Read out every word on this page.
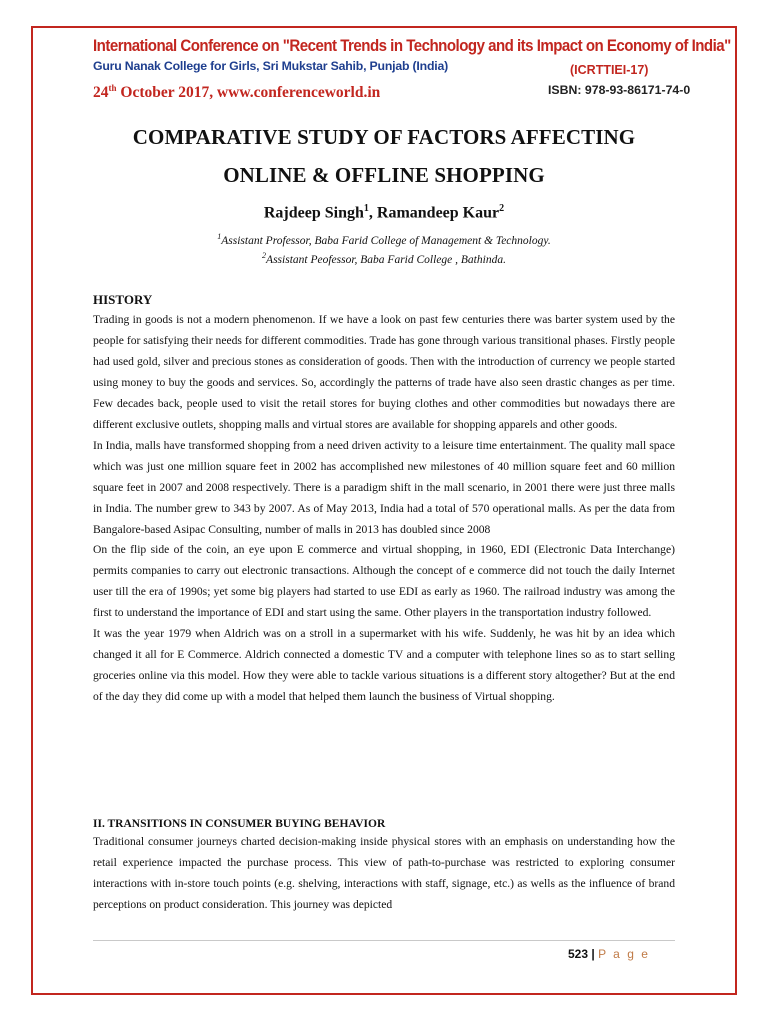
International Conference on "Recent Trends in Technology and its Impact on Economy of India"
Guru Nanak College for Girls, Sri Mukstar Sahib, Punjab (India)	(ICRTTIEI-17)
24th October 2017, www.conferenceworld.in	ISBN: 978-93-86171-74-0
COMPARATIVE STUDY OF FACTORS AFFECTING
ONLINE & OFFLINE SHOPPING
Rajdeep Singh$^1$, Ramandeep Kaur$^2$
$^1$Assistant Professor, Baba Farid College of Management & Technology.
$^2$Assistant Peofessor, Baba Farid College , Bathinda.
HISTORY

Trading in goods is not a modern phenomenon. If we have a look on past few centuries there was barter system used by the people for satisfying their needs for different commodities. Trade has gone through various transitional phases. Firstly people had used gold, silver and precious stones as consideration of goods. Then with the introduction of currency we people started using money to buy the goods and services. So, accordingly the patterns of trade have also seen drastic changes as per time. Few decades back, people used to visit the retail stores for buying clothes and other commodities but nowadays there are different exclusive outlets, shopping malls and virtual stores are available for shopping apparels and other goods.

In India, malls have transformed shopping from a need driven activity to a leisure time entertainment. The quality mall space which was just one million square feet in 2002 has accomplished new milestones of 40 million square feet and 60 million square feet in 2007 and 2008 respectively. There is a paradigm shift in the mall scenario, in 2001 there were just three malls in India. The number grew to 343 by 2007. As of May 2013, India had a total of 570 operational malls. As per the data from Bangalore-based Asipac Consulting, number of malls in 2013 has doubled since 2008

On the flip side of the coin, an eye upon E commerce and virtual shopping, in 1960, EDI (Electronic Data Interchange) permits companies to carry out electronic transactions. Although the concept of e commerce did not touch the daily Internet user till the era of 1990s; yet some big players had started to use EDI as early as 1960. The railroad industry was among the first to understand the importance of EDI and start using the same. Other players in the transportation industry followed.

It was the year 1979 when Aldrich was on a stroll in a supermarket with his wife. Suddenly, he was hit by an idea which changed it all for E Commerce. Aldrich connected a domestic TV and a computer with telephone lines so as to start selling groceries online via this model. How they were able to tackle various situations is a different story altogether? But at the end of the day they did come up with a model that helped them launch the business of Virtual shopping.

II. TRANSITIONS IN CONSUMER BUYING BEHAVIOR

Traditional consumer journeys charted decision-making inside physical stores with an emphasis on understanding how the retail experience impacted the purchase process. This view of path-to-purchase was restricted to exploring consumer interactions with in-store touch points (e.g. shelving, interactions with staff, signage, etc.) as wells as the influence of brand perceptions on product consideration. This journey was depicted

523 | P a g e
